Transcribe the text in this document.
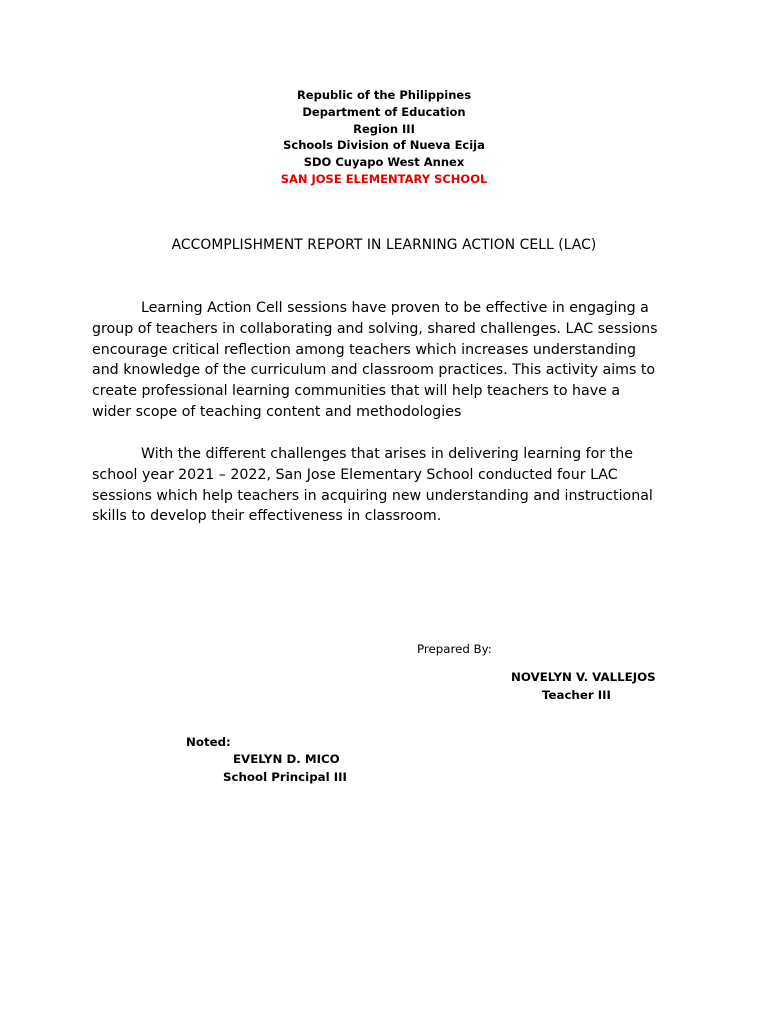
Republic of the Philippines
Department of Education
Region III
Schools Division of Nueva Ecija
SDO Cuyapo West Annex
SAN JOSE ELEMENTARY SCHOOL
ACCOMPLISHMENT REPORT IN LEARNING ACTION CELL (LAC)

Learning Action Cell sessions have proven to be effective in engaging a
group of teachers in collaborating and solving, shared challenges. LAC sessions
encourage critical reflection among teachers which increases understanding
and knowledge of the curriculum and classroom practices. This activity aims to
create professional learning communities that will help teachers to have a
wider scope of teaching content and methodologies

With the different challenges that arises in delivering learning for the
school year 2021 – 2022, San Jose Elementary School conducted four LAC
sessions which help teachers in acquiring new understanding and instructional
skills to develop their effectiveness in classroom.

Prepared By:
NOVELYN V. VALLEJOS
Teacher III
Noted:
EVELYN D. MICO
School Principal III
